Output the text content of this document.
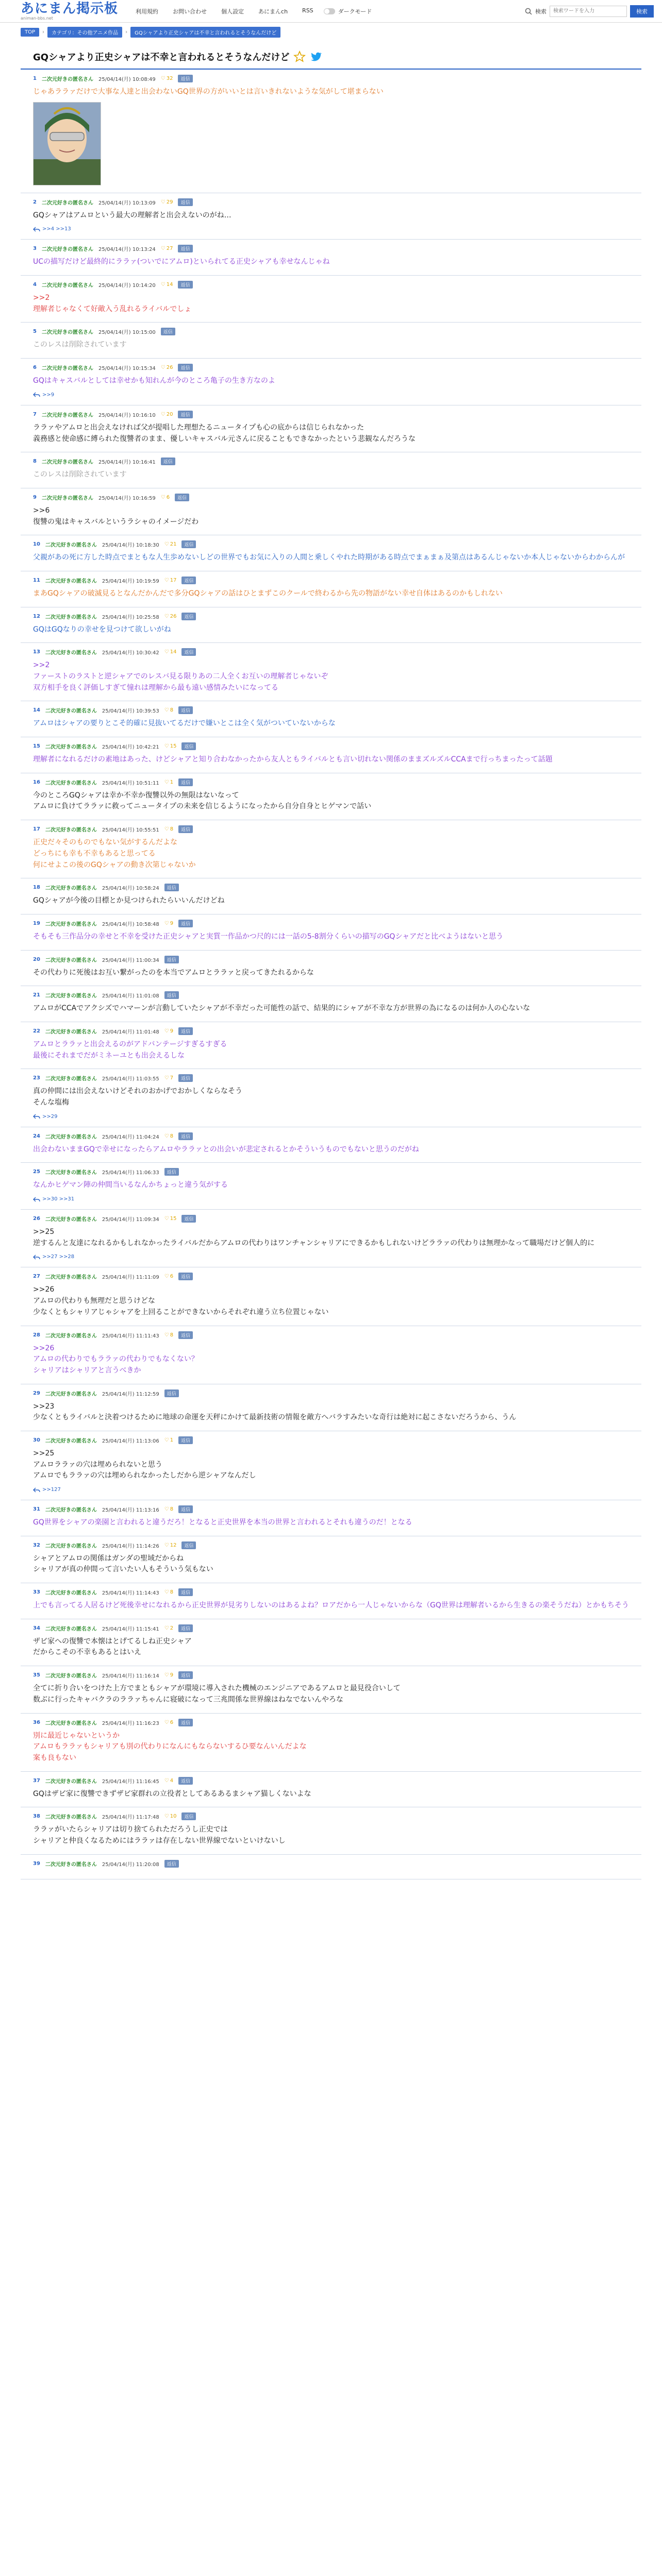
あにまん掲示板
animan-bbs.net
利用規約	お問い合わせ	個人設定	あにまんch	RSS	ダークモード	検索
検索ワードを入力	検索
TOP	›	カテゴリ：その他アニメ作品	›	GQシャアより正史シャアは不幸と言われるとそうなんだけど
GQシャアより正史シャアは不幸と言われるとそうなんだけど
1 二次元好きの匿名さん 25/04/14(月) 10:08:49 ♡ 32	返信
じゃあララァだけで大事な人達と出会わないGQ世界の方がいいとは言いきれないような気がして堪まらない
2 二次元好きの匿名さん 25/04/14(月) 10:13:09 ♡ 29	返信
GQシャアはアムロという最大の理解者と出会えないのがね…
>>4 >>13
3 二次元好きの匿名さん 25/04/14(月) 10:13:24 ♡ 27	返信
UCの描写だけど最終的にララァ(ついでにアムロ)といられてる正史シャアも幸せなんじゃね
4 二次元好きの匿名さん 25/04/14(月) 10:14:20 ♡ 14	返信
>>2
理解者じゃなくて好敵入う乱れるライバルでしょ
5 二次元好きの匿名さん 25/04/14(月) 10:15:00	返信
このレスは削除されています
6 二次元好きの匿名さん 25/04/14(月) 10:15:34 ♡ 26	返信
GQはキャスバルとしては幸せかも知れんが今のところ亀子の生き方なのよ
>>9
7 二次元好きの匿名さん 25/04/14(月) 10:16:10 ♡ 20	返信
ララァやアムロと出会えなければ父が提唱した理想たるニュータイプも心の底からは信じられなかった
義務感と使命感に縛られた復讐者のまま、優しいキャスバル元さんに戻ることもできなかったという悲観なんだろうな
8 二次元好きの匿名さん 25/04/14(月) 10:16:41	返信
このレスは削除されています
9 二次元好きの匿名さん 25/04/14(月) 10:16:59 ♡ 6	返信
>>6
復讐の鬼はキャスバルというラシャのイメージだわ
10 二次元好きの匿名さん 25/04/14(月) 10:18:30 ♡ 21	返信
父親があの死に方した時点でまともな人生歩めないしどの世界でもお気に入りの人間と乗しくやれた時期がある時点でまぁまぁ及第点はあるんじゃないか本人じゃないからわからんが
11 二次元好きの匿名さん 25/04/14(月) 10:19:59 ♡ 17	返信
まあGQシャアの破滅見るとなんだかんだで多分GQシャアの話はひとまずこのクールで終わるから先の物語がない幸せ自体はあるのかもしれない
12 二次元好きの匿名さん 25/04/14(月) 10:25:58 ♡ 26	返信
GQはGQなりの幸せを見つけて欲しいがね
13 二次元好きの匿名さん 25/04/14(月) 10:30:42 ♡ 14	返信
>>2
ファーストのラストと逆シャアでのレスバ見る限りあの二人全くお互いの理解者じゃないぞ
双方相手を良く評価しすぎて憧れは理解から最も遠い感情みたいになってる
14 二次元好きの匿名さん 25/04/14(月) 10:39:53 ♡ 8	返信
アムロはシャアの要りとこそ的確に見抜いてるだけで嫌いとこは全く気がついていないからな
15 二次元好きの匿名さん 25/04/14(月) 10:42:21 ♡ 15	返信
理解者になれるだけの素地はあった、けどシャアと知り合わなかったから友人ともライバルとも言い切れない関係のままズルズルCCAまで行っちまったって話題
16 二次元好きの匿名さん 25/04/14(月) 10:51:11 ♡ 1	返信
今のところGQシャアは幸か不幸か復讐以外の無限はないなって
アムロに負けてララァに救ってニュータイプの未来を信じるようになったから自分自身とヒゲマンで話い
17 二次元好きの匿名さん 25/04/14(月) 10:55:51 ♡ 8	返信
正史だ々そのものでもない気がするんだよな
どっちにも幸も不幸もあると思ってる
何にせよこの後のGQシャアの動き次第じゃないか
18 二次元好きの匿名さん 25/04/14(月) 10:58:24	返信
GQシャアが今後の目標とか見つけられたらいいんだけどね
19 二次元好きの匿名さん 25/04/14(月) 10:58:48 ♡ 9	返信
そもそも三作品分の幸せと不幸を受けた正史シャアと実質一作品かつ尺的には一話の5-8割分くらいの描写のGQシャアだと比べようはないと思う
20 二次元好きの匿名さん 25/04/14(月) 11:00:34	返信
その代わりに死後はお互い繋がったのを本当でアムロとララァと戻ってきたれるからな
21 二次元好きの匿名さん 25/04/14(月) 11:01:08	返信
アムロがCCAでアクシズでハマーンが言動していたシャアが不幸だった可能性の話で、結果的にシャアが不幸な方が世界の為になるのは何か人の心ないな
22 二次元好きの匿名さん 25/04/14(月) 11:01:48 ♡ 9	返信
アムロとララァと出会えるのがアドバンテージすぎるすぎる
最後にそれまでだがミネーユとも出会えるしな
23 二次元好きの匿名さん 25/04/14(月) 11:03:55 ♡ 7	返信
真の仲間には出会えないけどそれのおかげでおかしくならなそう
そんな塩梅
>>29
24 二次元好きの匿名さん 25/04/14(月) 11:04:24 ♡ 8	返信
出会わないままGQで幸せになったらアムロやララァとの出会いが悲定されるとかそういうものでもないと思うのだがね
25 二次元好きの匿名さん 25/04/14(月) 11:06:33	返信
なんかヒゲマン陣の仲間当いるなんかちょっと違う気がする
>>30 >>31
26 二次元好きの匿名さん 25/04/14(月) 11:09:34 ♡ 15	返信
>>25
逆するんと友達になれるかもしれなかったライバルだからアムロの代わりはワンチャンシャリアにできるかもしれないけどララァの代わりは無理かなって職場だけど個人的に
>>27 >>28
27 二次元好きの匿名さん 25/04/14(月) 11:11:09 ♡ 6	返信
>>26
アムロの代わりも無理だと思うけどな
少なくともシャリアじゃシャアを上回ることができないからそれぞれ違う立ち位置じゃない
28 二次元好きの匿名さん 25/04/14(月) 11:11:43 ♡ 8	返信
>>26
アムロの代わりでもララァの代わりでもなくない？
シャリアはシャリアと言うべきか
29 二次元好きの匿名さん 25/04/14(月) 11:12:59	返信
>>23
少なくともライバルと決着つけるために地球の命運を天秤にかけて最新技術の情報を敵方へバラすみたいな奇行は絶対に起こさないだろうから、うん
30 二次元好きの匿名さん 25/04/14(月) 11:13:06 ♡ 1	返信
>>25
アムロララァの穴は埋められないと思う
アムロでもララァの穴は埋められなかったしだから逆シャアなんだし
>>127
31 二次元好きの匿名さん 25/04/14(月) 11:13:16 ♡ 8	返信
GQ世界をシャアの楽園と言われると違うだろ！となると正史世界を本当の世界と言われるとそれも違うのだ！となる
32 二次元好きの匿名さん 25/04/14(月) 11:14:26 ♡ 12	返信
シャアとアムロの関係はガンダの聖域だからね
シャリアが真の仲間って言いたい人もそういう気もない
33 二次元好きの匿名さん 25/04/14(月) 11:14:43 ♡ 8	返信
上でも言ってる人居るけど死後幸せになれるから正史世界が見劣りしないのはあるよね？ロアだから一人じゃないからな（GQ世界は理解者いるから生きるの楽そうだね）とかもちそう
34 二次元好きの匿名さん 25/04/14(月) 11:15:41 ♡ 2	返信
ザビ家への復讐で本懐はとげてるしね正史シャア
だからこその不幸もあるとはいえ
35 二次元好きの匿名さん 25/04/14(月) 11:16:14 ♡ 9	返信
全てに折り合いをつけた上方でまともシャアが環境に導入された機械のエンジニアであるアムロと最見役合いして
数ぶに行ったキャバクラのララァちゃんに寝破になって三兆間係な世界線はねなでないんやろな
36 二次元好きの匿名さん 25/04/14(月) 11:16:23 ♡ 6	返信
別に最近じゃないというか
アムロもララァもシャリアも別の代わりになんにもならないするひ要なんいんだよな
案も良もない
37 二次元好きの匿名さん 25/04/14(月) 11:16:45 ♡ 4	返信
GQはザビ家に復讐できずザビ家群れの立役者としてあるあるまシャア猫しくないよな
38 二次元好きの匿名さん 25/04/14(月) 11:17:48 ♡ 10	返信
ララァがいたらシャリアは切り捨てられただろうし正史では
シャリアと仲良くなるためにはララァは存在しない世界線でないといけないし
39 二次元好きの匿名さん 25/04/14(月) 11:20:08	返信
